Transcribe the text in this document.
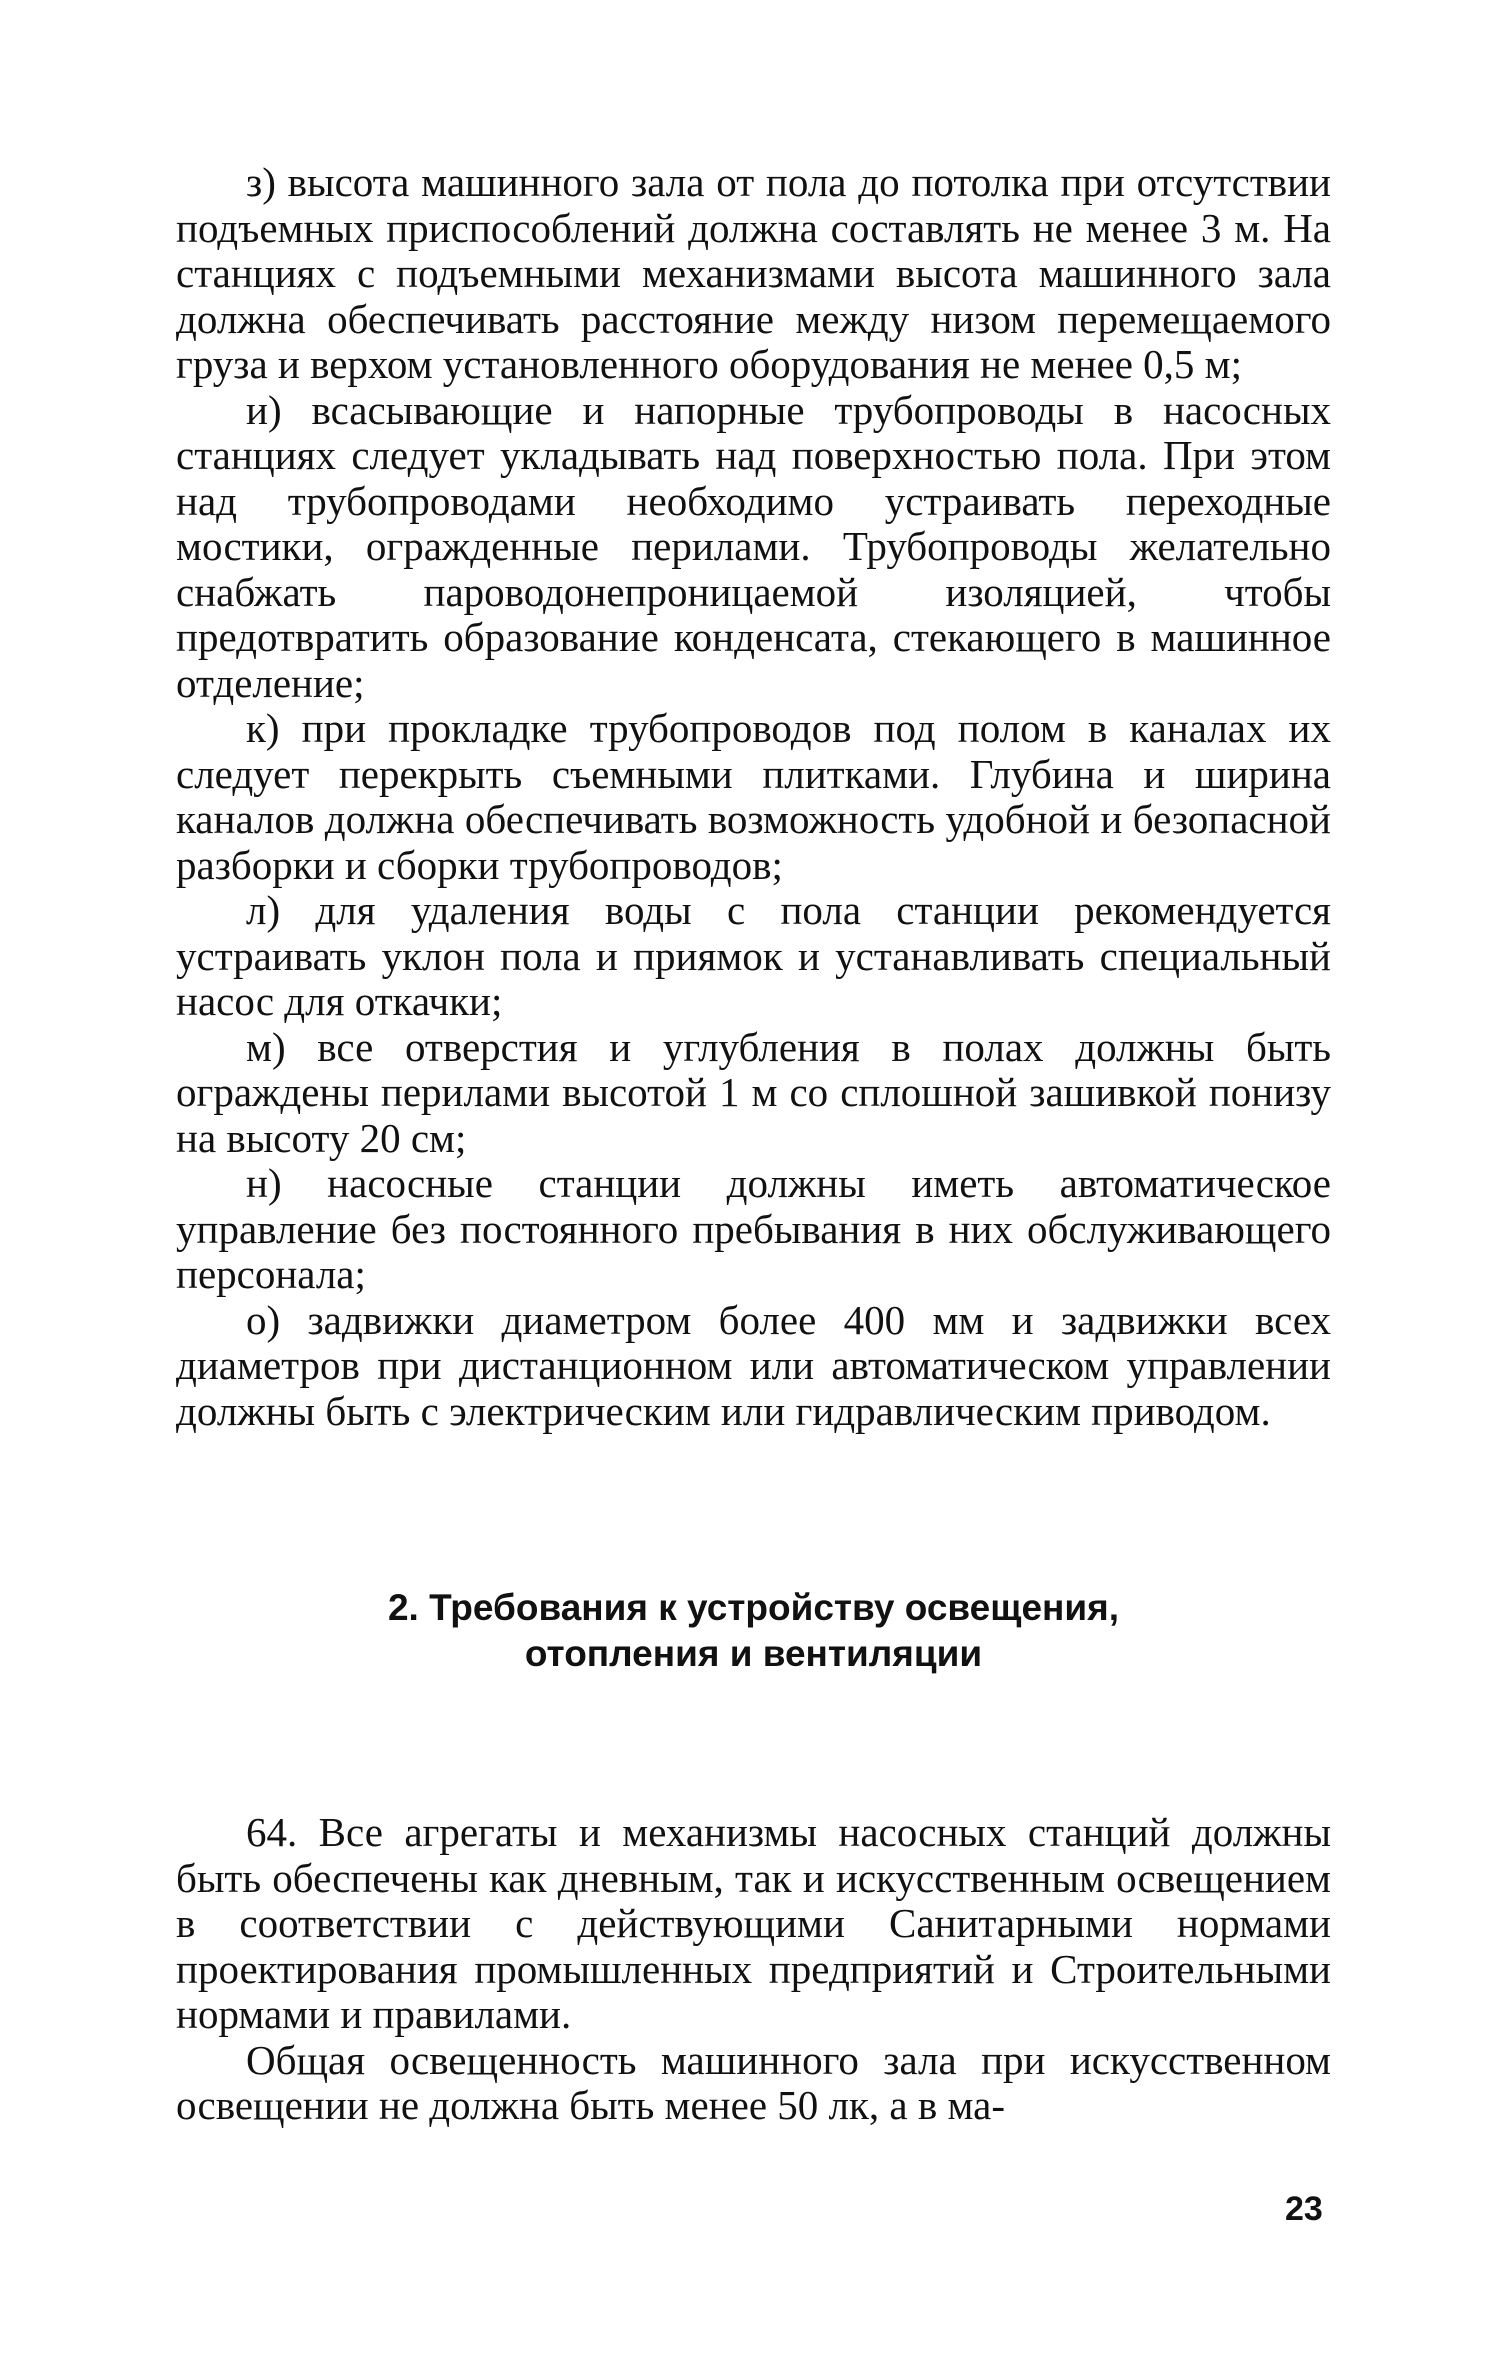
з) высота машинного зала от пола до потолка при отсутствии подъемных приспособлений должна составлять не менее 3 м. На станциях с подъемными механизмами высота машинного зала должна обеспечивать расстояние между низом перемещаемого груза и верхом установленного оборудования не менее 0,5 м;

и) всасывающие и напорные трубопроводы в насосных станциях следует укладывать над поверхностью пола. При этом над трубопроводами необходимо устраивать переходные мостики, огражденные перилами. Трубопроводы желательно снабжать пароводонепроницаемой изоляцией, чтобы предотвратить образование конденсата, стекающего в машинное отделение;

к) при прокладке трубопроводов под полом в каналах их следует перекрыть съемными плитками. Глубина и ширина каналов должна обеспечивать возможность удобной и безопасной разборки и сборки трубопроводов;

л) для удаления воды с пола станции рекомендуется устраивать уклон пола и приямок и устанавливать специальный насос для откачки;

м) все отверстия и углубления в полах должны быть ограждены перилами высотой 1 м со сплошной зашивкой понизу на высоту 20 см;

н) насосные станции должны иметь автоматическое управление без постоянного пребывания в них обслуживающего персонала;

о) задвижки диаметром более 400 мм и задвижки всех диаметров при дистанционном или автоматическом управлении должны быть с электрическим или гидравлическим приводом.

2. Требования к устройству освещения,
отопления и вентиляции

64. Все агрегаты и механизмы насосных станций должны быть обеспечены как дневным, так и искусственным освещением в соответствии с действующими Санитарными нормами проектирования промышленных предприятий и Строительными нормами и правилами.

Общая освещенность машинного зала при искусственном освещении не должна быть менее 50 лк, а в ма-

23
